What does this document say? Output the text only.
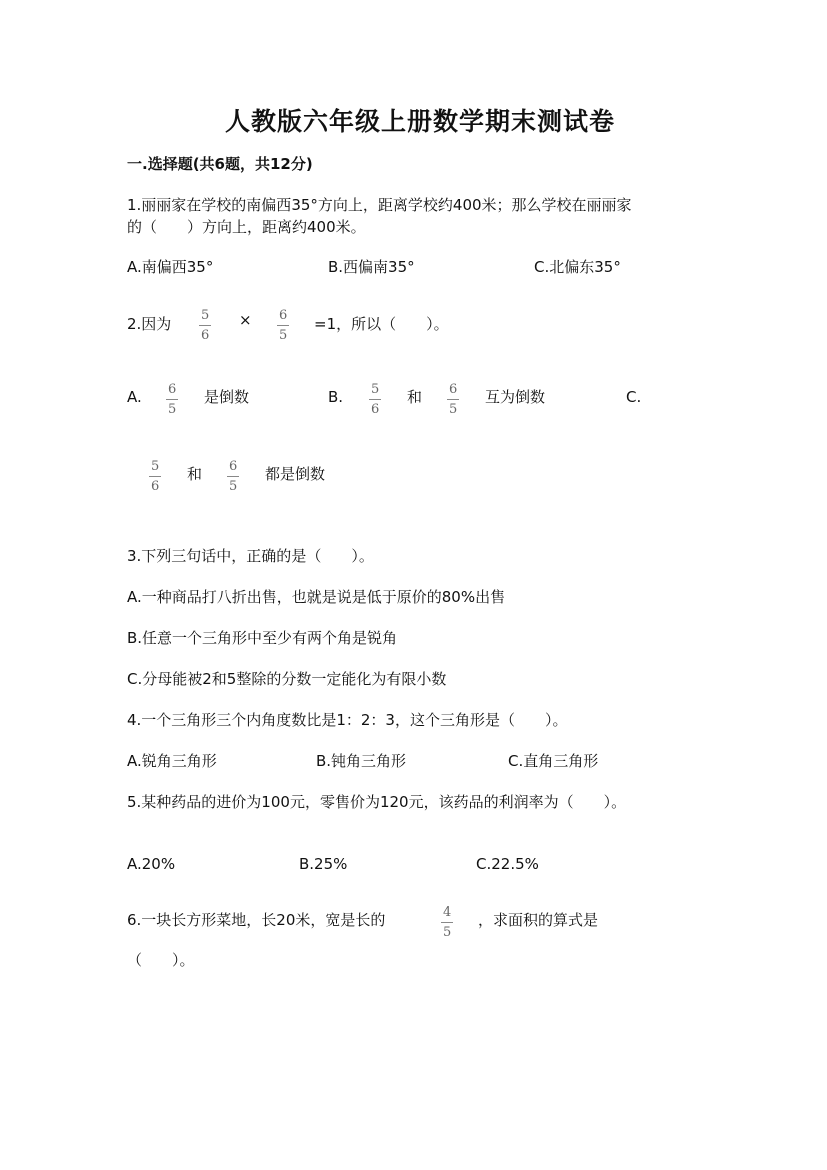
人教版六年级上册数学期末测试卷
一.选择题(共6题，共12分)
1.丽丽家在学校的南偏西35°方向上，距离学校约400米；那么学校在丽丽家
的（　　）方向上，距离约400米。
A.南偏西35°	B.西偏南35°	C.北偏东35°
2.因为 5
6
× 6
5
=1，所以（　　）。
A. 6
5
是倒数	B. 5
6
和 6
5
互为倒数	C.
5
6
和 6
5
都是倒数
3.下列三句话中，正确的是（　　）。
A.一种商品打八折出售，也就是说是低于原价的80%出售
B.任意一个三角形中至少有两个角是锐角
C.分母能被2和5整除的分数一定能化为有限小数
4.一个三角形三个内角度数比是1：2：3，这个三角形是（　　）。
A.锐角三角形	B.钝角三角形	C.直角三角形
5.某种药品的进价为100元，零售价为120元，该药品的利润率为（　　）。
A.20%	B.25%	C.22.5%
6.一块长方形菜地，长20米，宽是长的	4
5
，求面积的算式是
（　　）。
